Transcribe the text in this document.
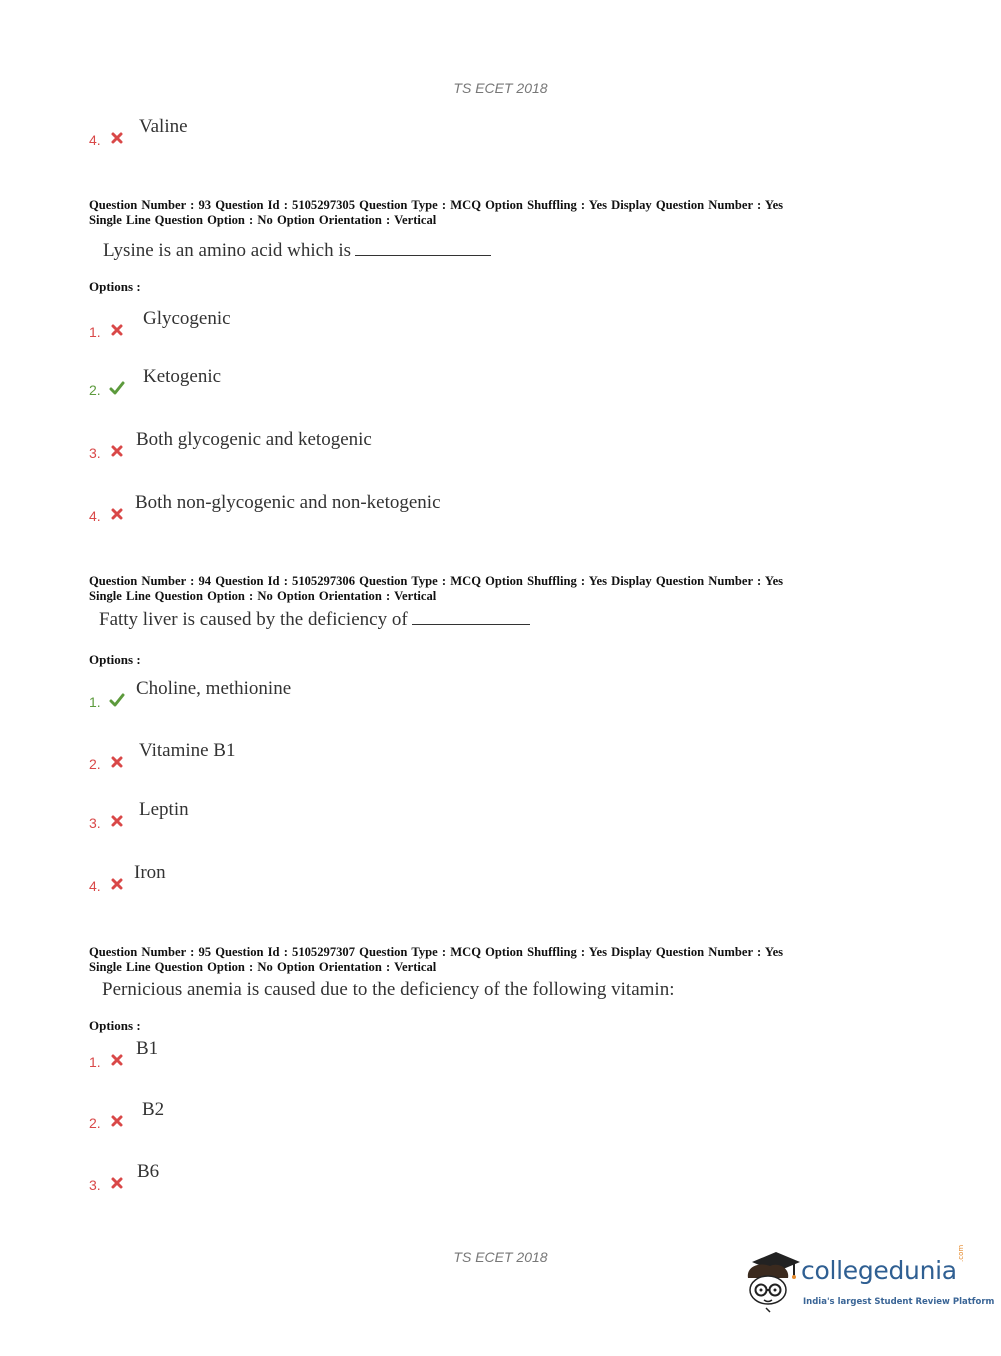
TS ECET 2018
4.
Valine
Question Number : 93 Question Id : 5105297305 Question Type : MCQ Option Shuffling : Yes Display Question Number : Yes
Single Line Question Option : No Option Orientation : Vertical
Lysine is an amino acid which is
Options :
1.
Glycogenic
2.
Ketogenic
3.
Both glycogenic and ketogenic
4.
Both non-glycogenic and non-ketogenic
Question Number : 94 Question Id : 5105297306 Question Type : MCQ Option Shuffling : Yes Display Question Number : Yes
Single Line Question Option : No Option Orientation : Vertical
Fatty liver is caused by the deficiency of
Options :
1.
Choline, methionine
2.
Vitamine B1
3.
Leptin
4.
Iron
Question Number : 95 Question Id : 5105297307 Question Type : MCQ Option Shuffling : Yes Display Question Number : Yes
Single Line Question Option : No Option Orientation : Vertical
Pernicious anemia is caused due to the deficiency of the following vitamin:
Options :
1.
B1
2.
B2
3.
B6
TS ECET 2018	collegedunia
.com
India's largest Student Review Platform
